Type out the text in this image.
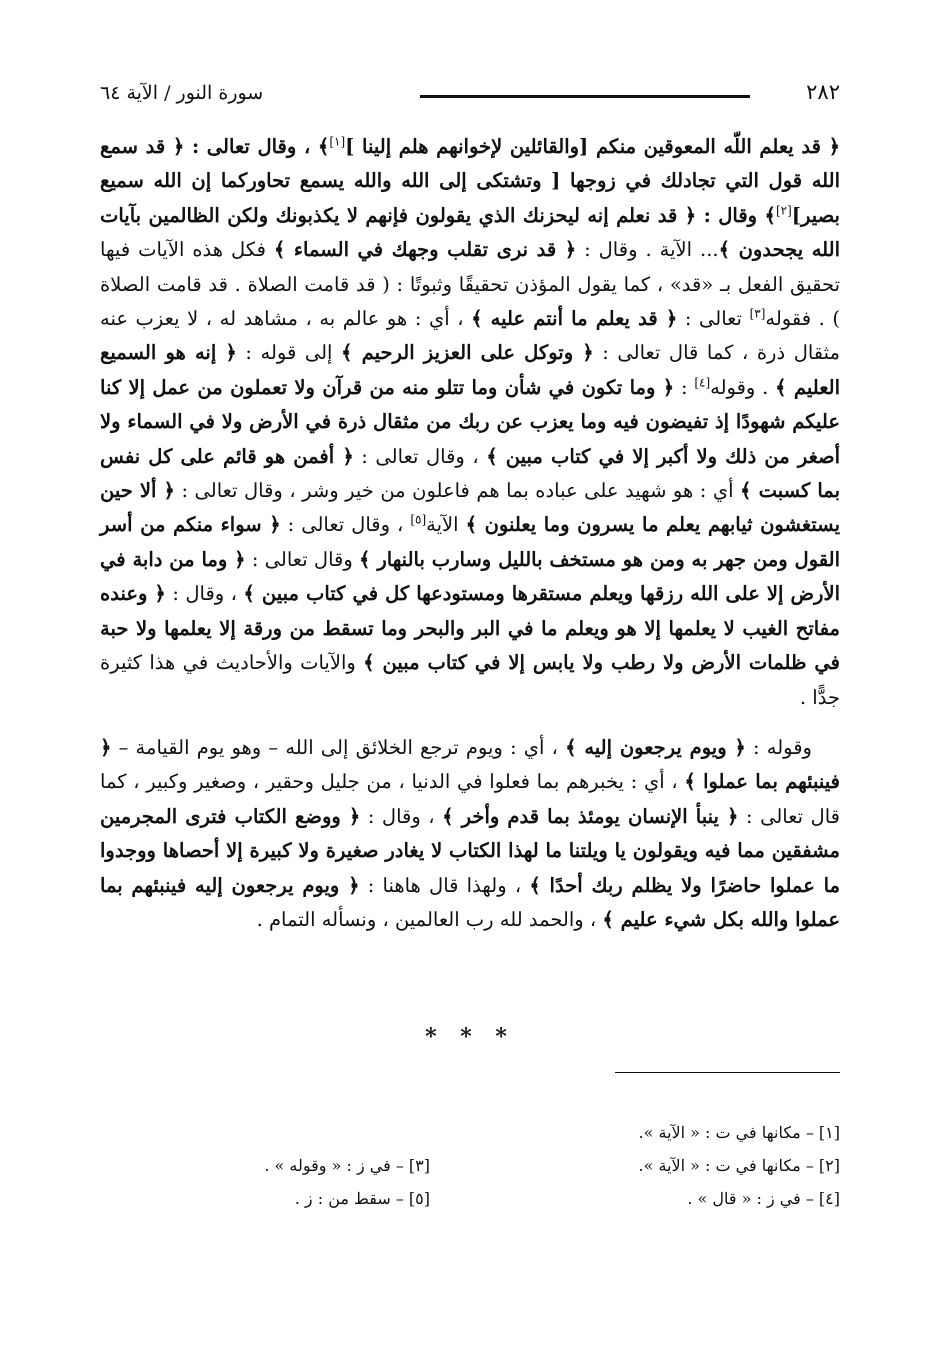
٢٨٢
سورة النور / الآية ٦٤

﴿ قد يعلم اللّه المعوقين منكم [والقائلين لإخوانهم هلم إلينا ][١]﴾ ، وقال تعالى : ﴿ قد سمع الله قول التي تجادلك في زوجها [ وتشتكى إلى الله والله يسمع تحاوركما إن الله سميع بصير][٢]﴾ وقال : ﴿ قد نعلم إنه ليحزنك الذي يقولون فإنهم لا يكذبونك ولكن الظالمين بآيات الله يجحدون ﴾... الآية . وقال : ﴿ قد نرى تقلب وجهك في السماء ﴾ فكل هذه الآيات فيها تحقيق الفعل بـ «قد» ، كما يقول المؤذن تحقيقًا وثبوتًا : ( قد قامت الصلاة . قد قامت الصلاة ) . فقوله[٣] تعالى : ﴿ قد يعلم ما أنتم عليه ﴾ ، أي : هو عالم به ، مشاهد له ، لا يعزب عنه مثقال ذرة ، كما قال تعالى : ﴿ وتوكل على العزيز الرحيم ﴾ إلى قوله : ﴿ إنه هو السميع العليم ﴾ . وقوله[٤] : ﴿ وما تكون في شأن وما تتلو منه من قرآن ولا تعملون من عمل إلا كنا عليكم شهودًا إذ تفيضون فيه وما يعزب عن ربك من مثقال ذرة في الأرض ولا في السماء ولا أصغر من ذلك ولا أكبر إلا في كتاب مبين ﴾ ، وقال تعالى : ﴿ أفمن هو قائم على كل نفس بما كسبت ﴾ أي : هو شهيد على عباده بما هم فاعلون من خير وشر ، وقال تعالى : ﴿ ألا حين يستغشون ثيابهم يعلم ما يسرون وما يعلنون ﴾ الآية[٥] ، وقال تعالى : ﴿ سواء منكم من أسر القول ومن جهر به ومن هو مستخف بالليل وسارب بالنهار ﴾ وقال تعالى : ﴿ وما من دابة في الأرض إلا على الله رزقها ويعلم مستقرها ومستودعها كل في كتاب مبين ﴾ ، وقال : ﴿ وعنده مفاتح الغيب لا يعلمها إلا هو ويعلم ما في البر والبحر وما تسقط من ورقة إلا يعلمها ولا حبة في ظلمات الأرض ولا رطب ولا يابس إلا في كتاب مبين ﴾ والآيات والأحاديث في هذا كثيرة جدًّا .

وقوله : ﴿ ويوم يرجعون إليه ﴾ ، أي : ويوم ترجع الخلائق إلى الله – وهو يوم القيامة – ﴿ فينبئهم بما عملوا ﴾ ، أي : يخبرهم بما فعلوا في الدنيا ، من جليل وحقير ، وصغير وكبير ، كما قال تعالى : ﴿ ينبأ الإنسان يومئذ بما قدم وأخر ﴾ ، وقال : ﴿ ووضع الكتاب فترى المجرمين مشفقين مما فيه ويقولون يا ويلتنا ما لهذا الكتاب لا يغادر صغيرة ولا كبيرة إلا أحصاها ووجدوا ما عملوا حاضرًا ولا يظلم ربك أحدًا ﴾ ، ولهذا قال هاهنا : ﴿ ويوم يرجعون إليه فينبئهم بما عملوا والله بكل شيء عليم ﴾ ، والحمد لله رب العالمين ، ونسأله التمام .

* * *
[١] – مكانها في ت : « الآية ».
[٢] – مكانها في ت : « الآية ».
[٤] – في ز : « قال » .
[٣] – في ز : « وقوله » .
[٥] – سقط من : ز .
